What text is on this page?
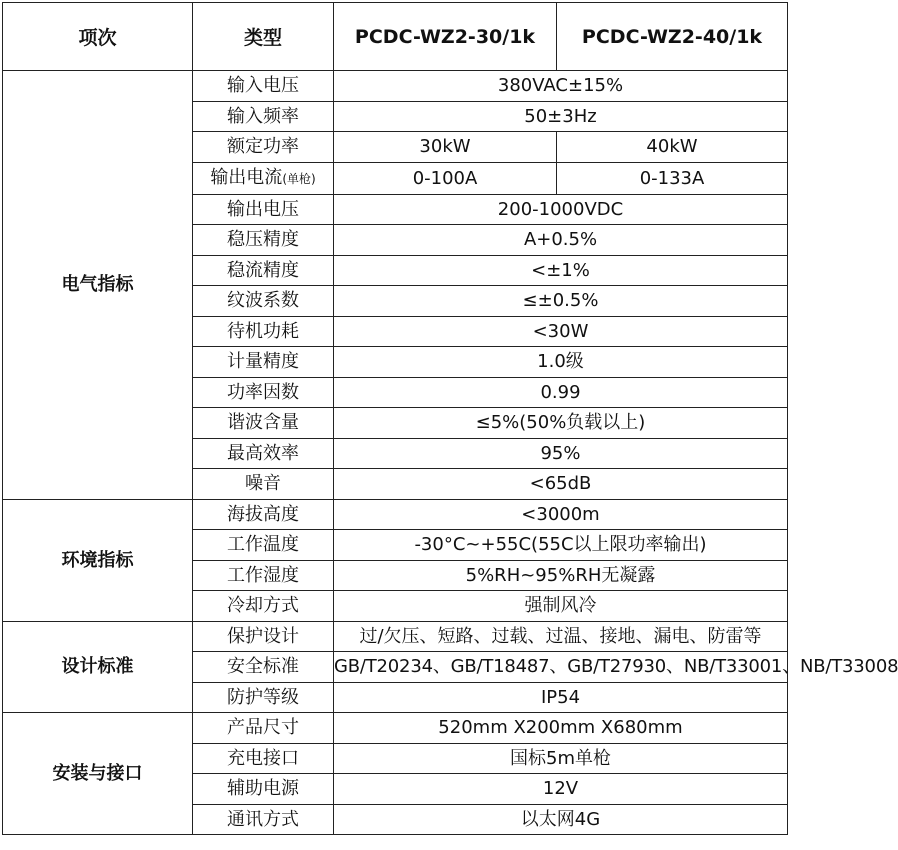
项次	类型	PCDC-WZ2-30/1k	PCDC-WZ2-40/1k
电气指标	输入电压	380VAC±15%	
	输入频率	50±3Hz	
	额定功率	30kW	40kW
	输出电流(单枪)	0-100A	0-133A
	输出电压	200-1000VDC	
	稳压精度	A+0.5%	
	稳流精度	<±1%	
	纹波系数	≤±0.5%	
	待机功耗	<30W	
	计量精度	1.0级	
	功率因数	0.99	
	谐波含量	≤5%(50%负载以上)	
	最高效率	95%	
	噪音	<65dB	
环境指标	海拔高度	<3000m	
	工作温度	-30°C~+55C(55C以上限功率输出)	
	工作湿度	5%RH~95%RH无凝露	
	冷却方式	强制风冷	
设计标准	保护设计	过/欠压、短路、过载、过温、接地、漏电、防雷等	
	安全标准	GB/T20234、GB/T18487、GB/T27930、NB/T33001、NB/T33008	
	防护等级	IP54	
安装与接口	产品尺寸	520mm X200mm X680mm	
	充电接口	国标5m单枪	
	辅助电源	12V	
	通讯方式	以太网4G	
